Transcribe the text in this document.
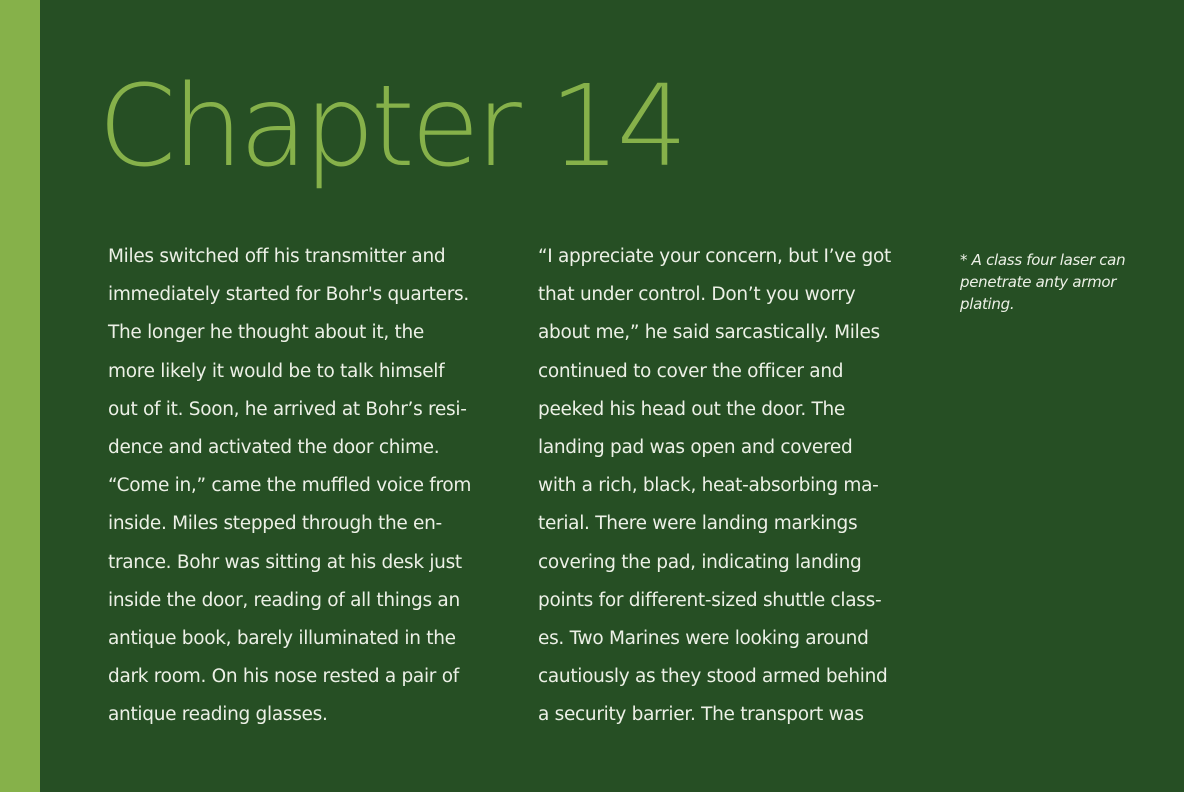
Chapter 14
Miles switched off his transmitter and
immediately started for Bohr's quarters.
The longer he thought about it, the
more likely it would be to talk himself
out of it. Soon, he arrived at Bohr’s resi-
dence and activated the door chime.
“Come in,” came the muffled voice from
inside. Miles stepped through the en-
trance. Bohr was sitting at his desk just
inside the door, reading of all things an
antique book, barely illuminated in the
dark room. On his nose rested a pair of
antique reading glasses.
“I appreciate your concern, but I’ve got
that under control. Don’t you worry
about me,” he said sarcastically. Miles
continued to cover the officer and
peeked his head out the door. The
landing pad was open and covered
with a rich, black, heat-absorbing ma-
terial. There were landing markings
covering the pad, indicating landing
points for different-sized shuttle class-
es. Two Marines were looking around
cautiously as they stood armed behind
a security barrier. The transport was

* A class four laser can penetrate anty armor plating.
